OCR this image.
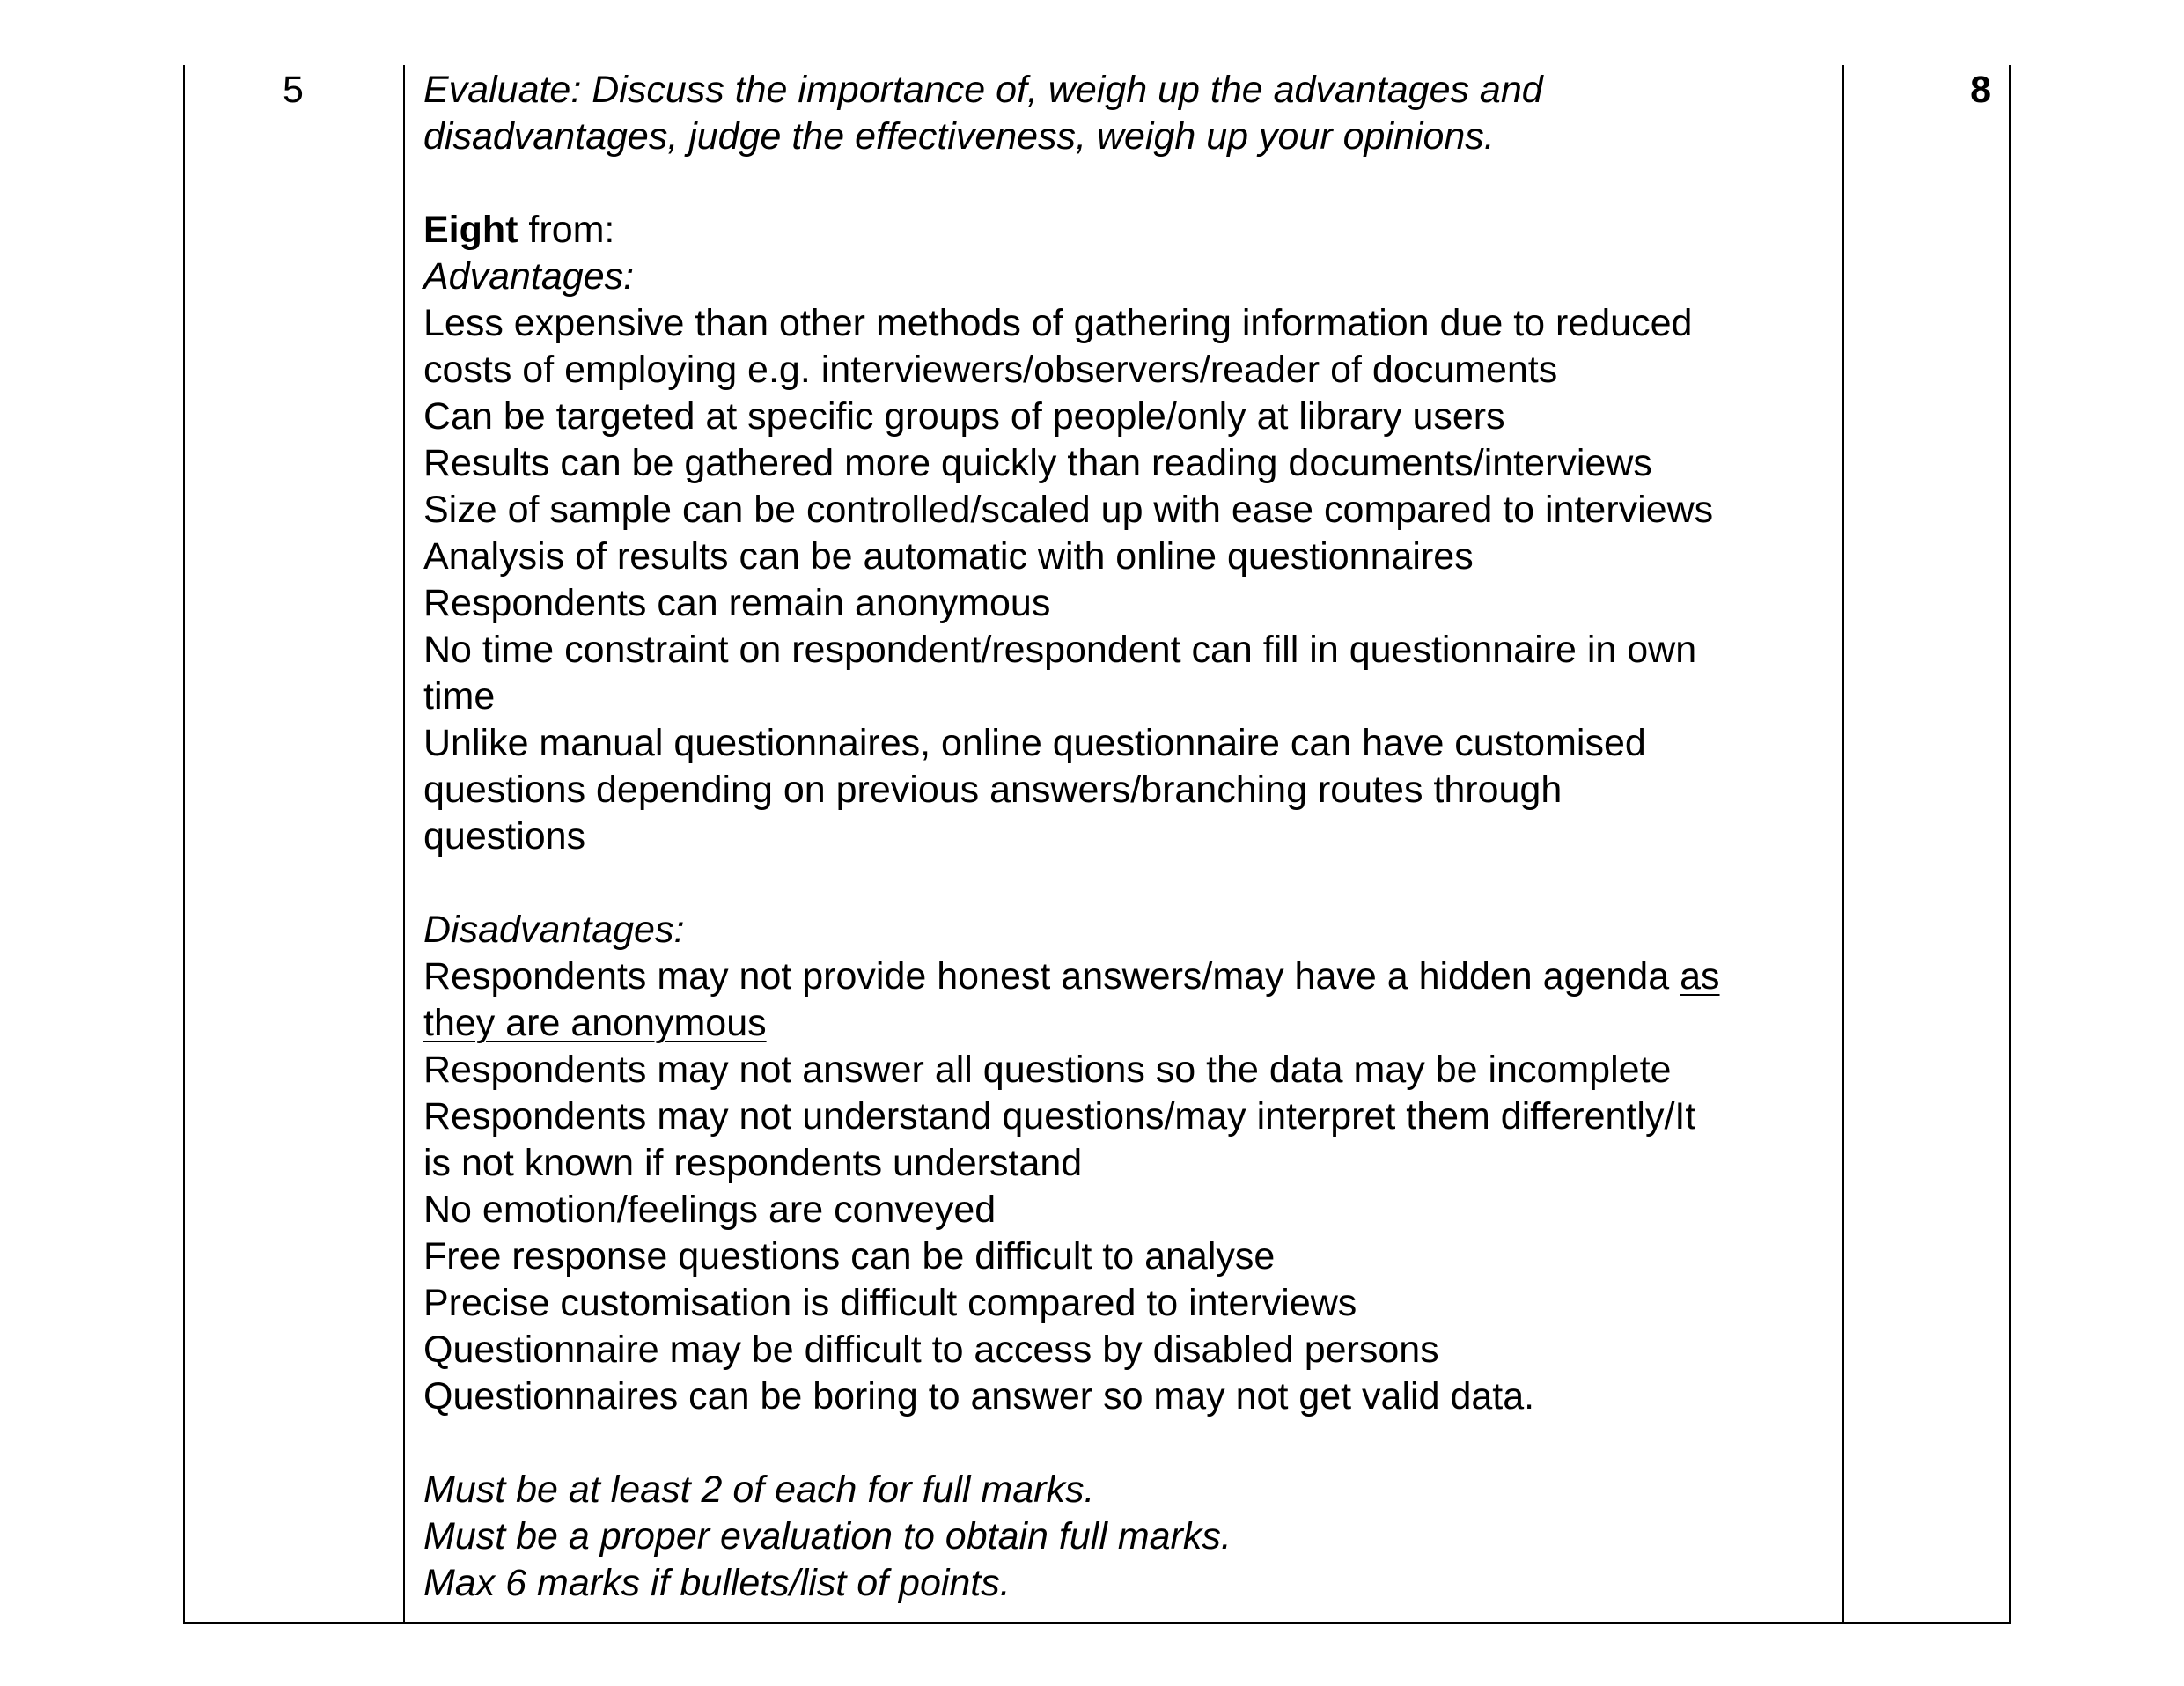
5	Evaluate: Discuss the importance of, weigh up the advantages and
disadvantages, judge the effectiveness, weigh up your opinions.
Eight from:
Advantages:
Less expensive than other methods of gathering information due to reduced
costs of employing e.g. interviewers/observers/reader of documents
Can be targeted at specific groups of people/only at library users
Results can be gathered more quickly than reading documents/interviews
Size of sample can be controlled/scaled up with ease compared to interviews
Analysis of results can be automatic with online questionnaires
Respondents can remain anonymous
No time constraint on respondent/respondent can fill in questionnaire in own
time
Unlike manual questionnaires, online questionnaire can have customised
questions depending on previous answers/branching routes through
questions
Disadvantages:
Respondents may not provide honest answers/may have a hidden agenda as
they are anonymous
Respondents may not answer all questions so the data may be incomplete
Respondents may not understand questions/may interpret them differently/It
is not known if respondents understand
No emotion/feelings are conveyed
Free response questions can be difficult to analyse
Precise customisation is difficult compared to interviews
Questionnaire may be difficult to access by disabled persons
Questionnaires can be boring to answer so may not get valid data.
Must be at least 2 of each for full marks.
Must be a proper evaluation to obtain full marks.
Max 6 marks if bullets/list of points.
8
